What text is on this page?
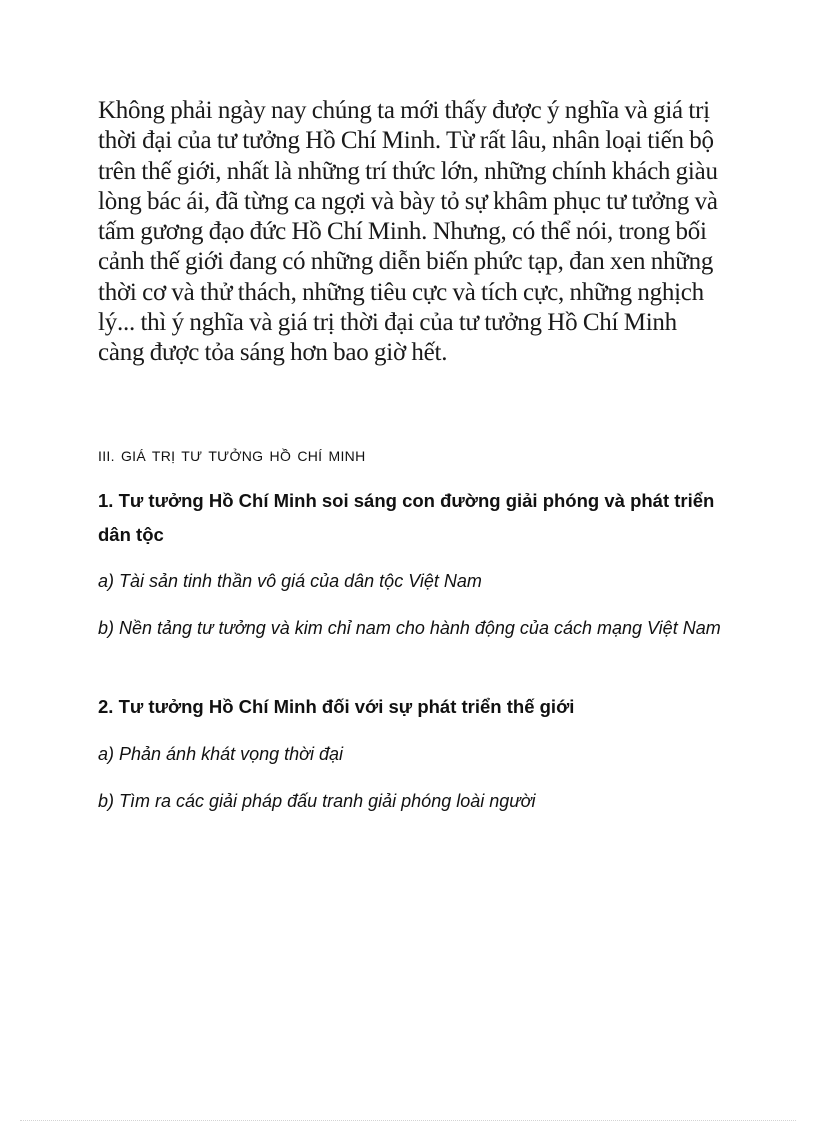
Không phải ngày nay chúng ta mới thấy được ý nghĩa và giá trị thời đại của tư tưởng Hồ Chí Minh. Từ rất lâu, nhân loại tiến bộ trên thế giới, nhất là những trí thức lớn, những chính khách giàu lòng bác ái, đã từng ca ngợi và bày tỏ sự khâm phục tư tưởng và tấm gương đạo đức Hồ Chí Minh. Nhưng, có thể nói, trong bối cảnh thế giới đang có những diễn biến phức tạp, đan xen những thời cơ và thử thách, những tiêu cực và tích cực, những nghịch lý... thì ý nghĩa và giá trị thời đại của tư tưởng Hồ Chí Minh càng được tỏa sáng hơn bao giờ hết.

III. GIÁ TRỊ TƯ TƯỞNG HỒ CHÍ MINH

1. Tư tưởng Hồ Chí Minh soi sáng con đường giải phóng và phát triển dân tộc

a) Tài sản tinh thần vô giá của dân tộc Việt Nam

b) Nền tảng tư tưởng và kim chỉ nam cho hành động của cách mạng Việt Nam

2. Tư tưởng Hồ Chí Minh đối với sự phát triển thế giới

a) Phản ánh khát vọng thời đại

b) Tìm ra các giải pháp đấu tranh giải phóng loài người
